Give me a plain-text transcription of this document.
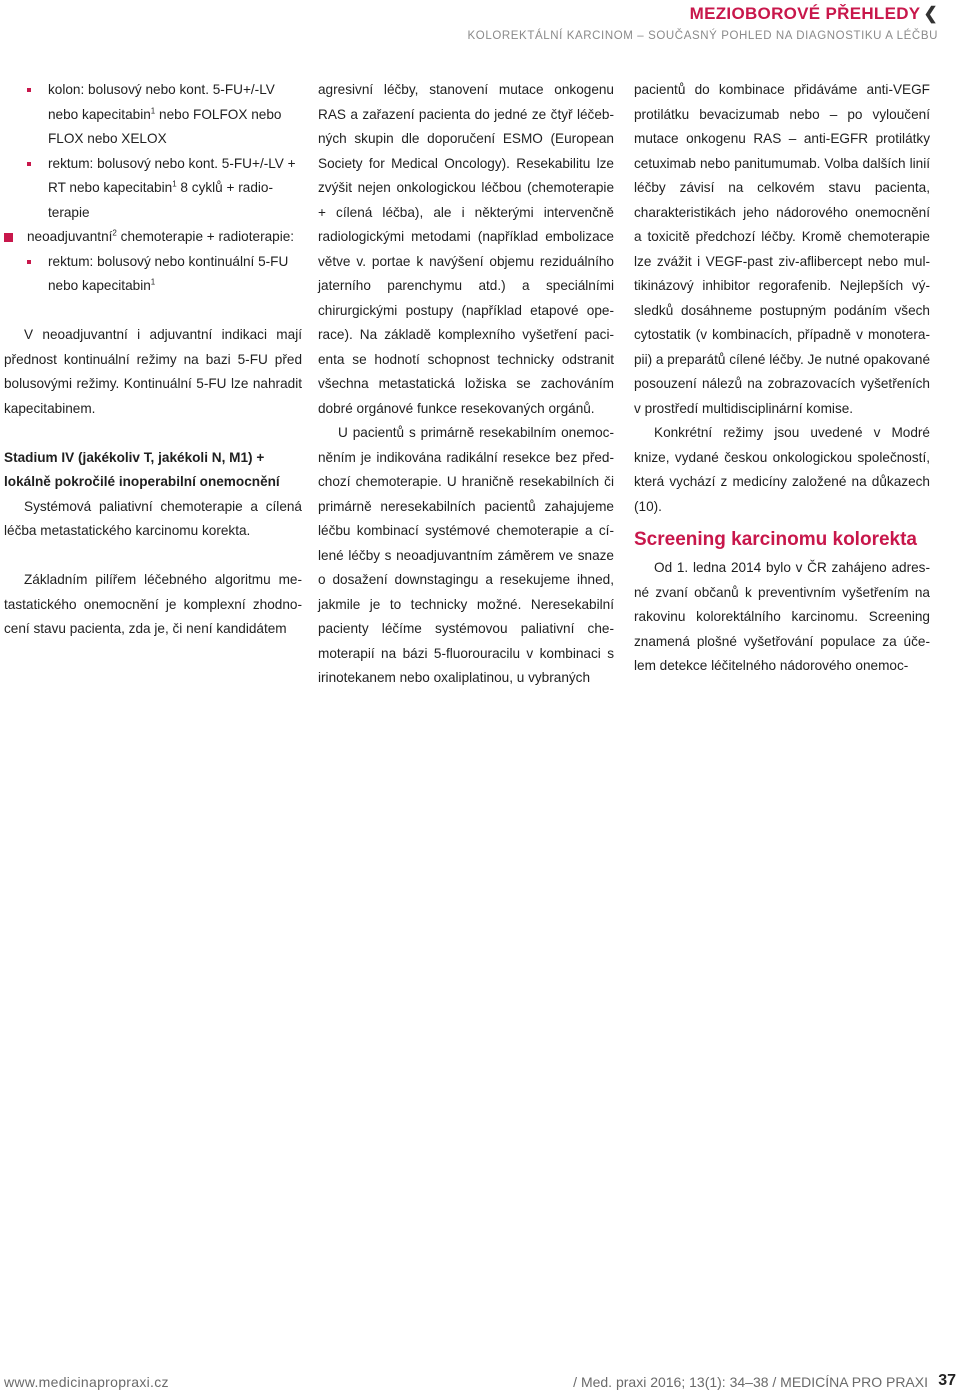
MEZIOBOROVÉ PŘEHLEDY ❮
KOLOREKTÁLNÍ KARCINOM – SOUČASNÝ POHLED NA DIAGNOSTIKU A LÉČBU
kolon: bolusový nebo kont. 5-FU+/-LV nebo kapecitabin$^1$ nebo FOLFOX nebo FLOX nebo XELOX
rektum: bolusový nebo kont. 5-FU+/-LV + RT nebo kapecitabin$^1$ 8 cyklů + radioterapie
neoadjuvantní$^2$ chemoterapie + radioterapie:
rektum: bolusový nebo kontinuální 5-FU nebo kapecitabin$^1$

V neoadjuvantní i adjuvantní indikaci mají přednost kontinuální režimy na bazi 5-FU před bolusovými režimy. Kontinuální 5-FU lze nahradit kapecitabinem.

Stadium IV (jakékoliv T, jakékoli N, M1) + lokálně pokročilé inoperabilní onemocnění

Systémová paliativní chemoterapie a cílená léčba metastatického karcinomu korekta.

Základním pilířem léčebného algoritmu metastatického onemocnění je komplexní zhodnocení stavu pacienta, zda je, či není kandidátem

agresivní léčby, stanovení mutace onkogenu RAS a zařazení pacienta do jedné ze čtyř léčebných skupin dle doporučení ESMO (European Society for Medical Oncology). Resekabilitu lze zvýšit nejen onkologickou léčbou (chemoterapie + cílená léčba), ale i některými intervenčně radiologickými metodami (například embolizace větve v. portae k navýšení objemu reziduálního jaterního parenchymu atd.) a speciálními chirurgickými postupy (například etapové operace). Na základě komplexního vyšetření pacienta se hodnotí schopnost technicky odstranit všechna metastatická ložiska se zachováním dobré orgánové funkce resekovaných orgánů.

U pacientů s primárně resekabilním onemocněním je indikována radikální resekce bez předchozí chemoterapie. U hraničně resekabilních či primárně neresekabilních pacientů zahajujeme léčbu kombinací systémové chemoterapie a cílené léčby s neoadjuvantním záměrem ve snaze o dosažení downstagingu a resekujeme ihned, jakmile je to technicky možné. Neresekabilní pacienty léčíme systémovou paliativní chemoterapií na bázi 5-fluorouracilu v kombinaci s irinotekanem nebo oxaliplatinou, u vybraných

pacientů do kombinace přidáváme anti-VEGF protilátku bevacizumab nebo – po vyloučení mutace onkogenu RAS – anti-EGFR protilátky cetuximab nebo panitumumab. Volba dalších linií léčby závisí na celkovém stavu pacienta, charakteristikách jeho nádorového onemocnění a toxicitě předchozí léčby. Kromě chemoterapie lze zvážit i VEGF-past ziv-aflibercept nebo multikinázový inhibitor regorafenib. Nejlepších výsledků dosáhneme postupným podáním všech cytostatik (v kombinacích, případně v monoterapii) a preparátů cílené léčby. Je nutné opakované posouzení nálezů na zobrazovacích vyšetřeních v prostředí multidisciplinární komise.

Konkrétní režimy jsou uvedené v Modré knize, vydané českou onkologickou společností, která vychází z medicíny založené na důkazech (10).

Screening karcinomu kolorekta

Od 1. ledna 2014 bylo v ČR zahájeno adresné zvaní občanů k preventivním vyšetřením na rakovinu kolorektálního karcinomu. Screening znamená plošné vyšetřování populace za účelem detekce léčitelného nádorového onemoc-

www.medicinapropraxi.cz	/ Med. praxi 2016; 13(1): 34–38 / MEDICÍNA PRO PRAXI 37
